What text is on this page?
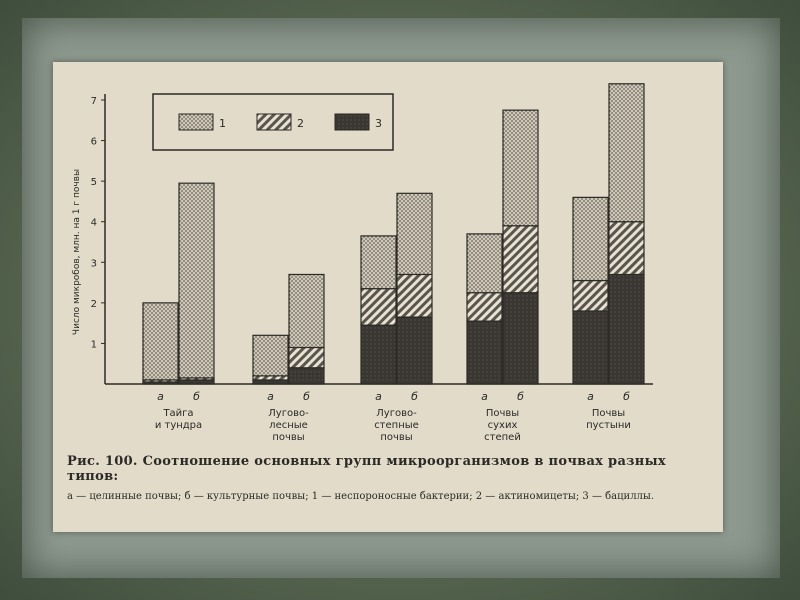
1
2
3
4
5
6
7
Число микробов, млн. на 1 г почвы
1	2	3
а	б
Тайга
и тундра
а	б
Лугово-
лесные
почвы
а	б
Лугово-
степные
почвы
а	б
Почвы
сухих
степей
а	б
Почвы
пустыни
Рис. 100. Соотношение основных групп микроорганизмов в почвах разных типов:
а — целинные почвы; б — культурные почвы; 1 — неспороносные бактерии; 2 — актиномицеты; 3 — бациллы.
